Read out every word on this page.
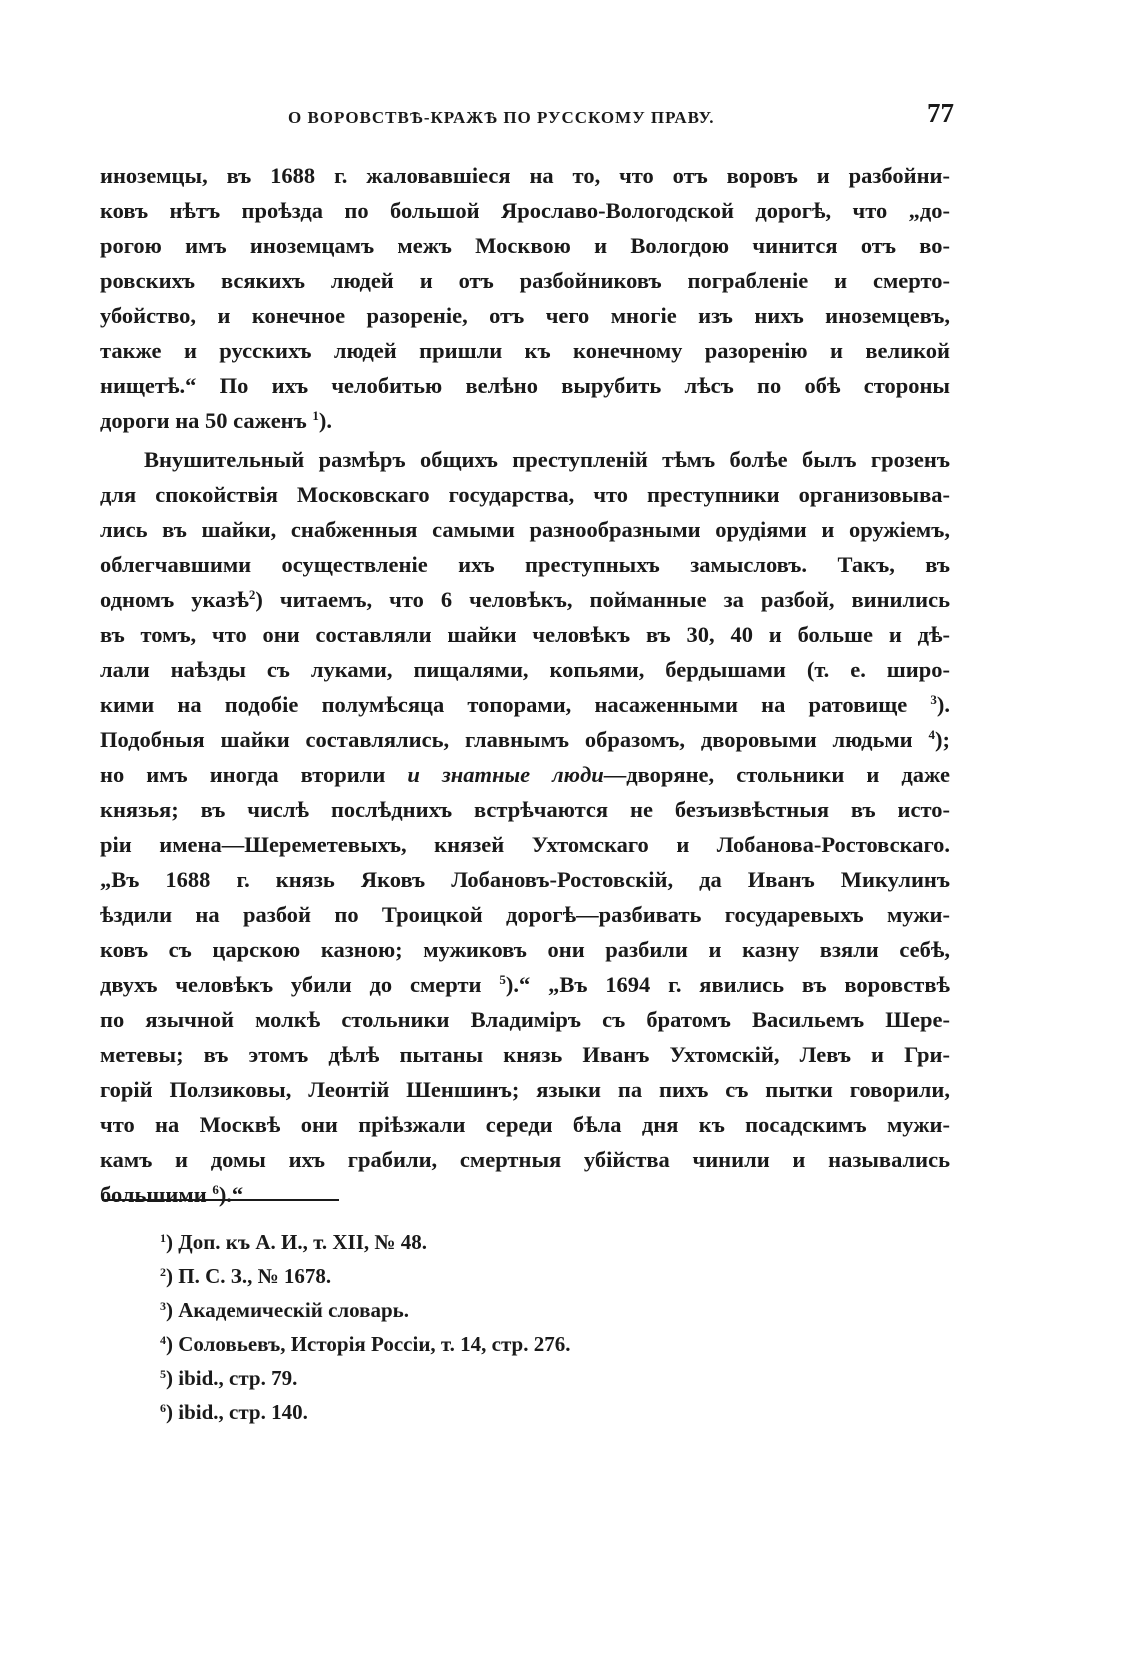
О ВОРОВСТВѢ-КРАЖѢ ПО РУССКОМУ ПРАВУ.	77
иноземцы, въ 1688 г. жаловавшіеся на то, что отъ воровъ и разбойни-
ковъ нѣтъ проѣзда по большой Ярославо-Вологодской дорогѣ, что „до-
рогою имъ иноземцамъ межъ Москвою и Вологдою чинится отъ во-
ровскихъ всякихъ людей и отъ разбойниковъ пограбленіе и смерто-
убойство, и конечное разореніе, отъ чего многіе изъ нихъ иноземцевъ,
также и русскихъ людей пришли къ конечному разоренію и великой
нищетѣ.“ По ихъ челобитью велѣно вырубить лѣсъ по обѣ стороны
дороги на 50 саженъ $^1$).
Внушительный размѣръ общихъ преступленій тѣмъ болѣе былъ грозенъ
для спокойствія Московскаго государства, что преступники организовыва-
лись въ шайки, снабженныя самыми разнообразными орудіями и оружіемъ,
облегчавшими осуществленіе ихъ преступныхъ замысловъ. Такъ, въ
одномъ указѣ$^2$) читаемъ, что 6 человѣкъ, пойманные за разбой, винились
въ томъ, что они составляли шайки человѣкъ въ 30, 40 и больше и дѣ-
лали наѣзды съ луками, пищалями, копьями, бердышами (т. е. широ-
кими на подобіе полумѣсяца топорами, насаженными на ратовище $^3$).
Подобныя шайки составлялись, главнымъ образомъ, дворовыми людьми $^4$);
но имъ иногда вторили и знатные люди—дворяне, стольники и даже
князья; въ числѣ послѣднихъ встрѣчаются не безъизвѣстныя въ исто-
ріи имена—Шереметевыхъ, князей Ухтомскаго и Лобанова-Ростовскаго.
„Въ 1688 г. князь Яковъ Лобановъ-Ростовскій, да Иванъ Микулинъ
ѣздили на разбой по Троицкой дорогѣ—разбивать государевыхъ мужи-
ковъ съ царскою казною; мужиковъ они разбили и казну взяли себѣ,
двухъ человѣкъ убили до смерти $^5$).“ „Въ 1694 г. явились въ воровствѣ
по язычной молкѣ стольники Владиміръ съ братомъ Васильемъ Шере-
метевы; въ этомъ дѣлѣ пытаны князь Иванъ Ухтомскій, Левъ и Гри-
горій Ползиковы, Леонтій Шеншинъ; языки па пихъ съ пытки говорили,
что на Москвѣ они пріѣзжали середи бѣла дня къ посадскимъ мужи-
камъ и домы ихъ грабили, смертныя убійства чинили и назывались
большими $^6$).“
$^1$) Доп. къ А. И., т. XII, № 48.
$^2$) П. С. З., № 1678.
$^3$) Академическій словарь.
$^4$) Соловьевъ, Исторія Россіи, т. 14, стр. 276.
$^5$) ibid., стр. 79.
$^6$) ibid., стр. 140.
